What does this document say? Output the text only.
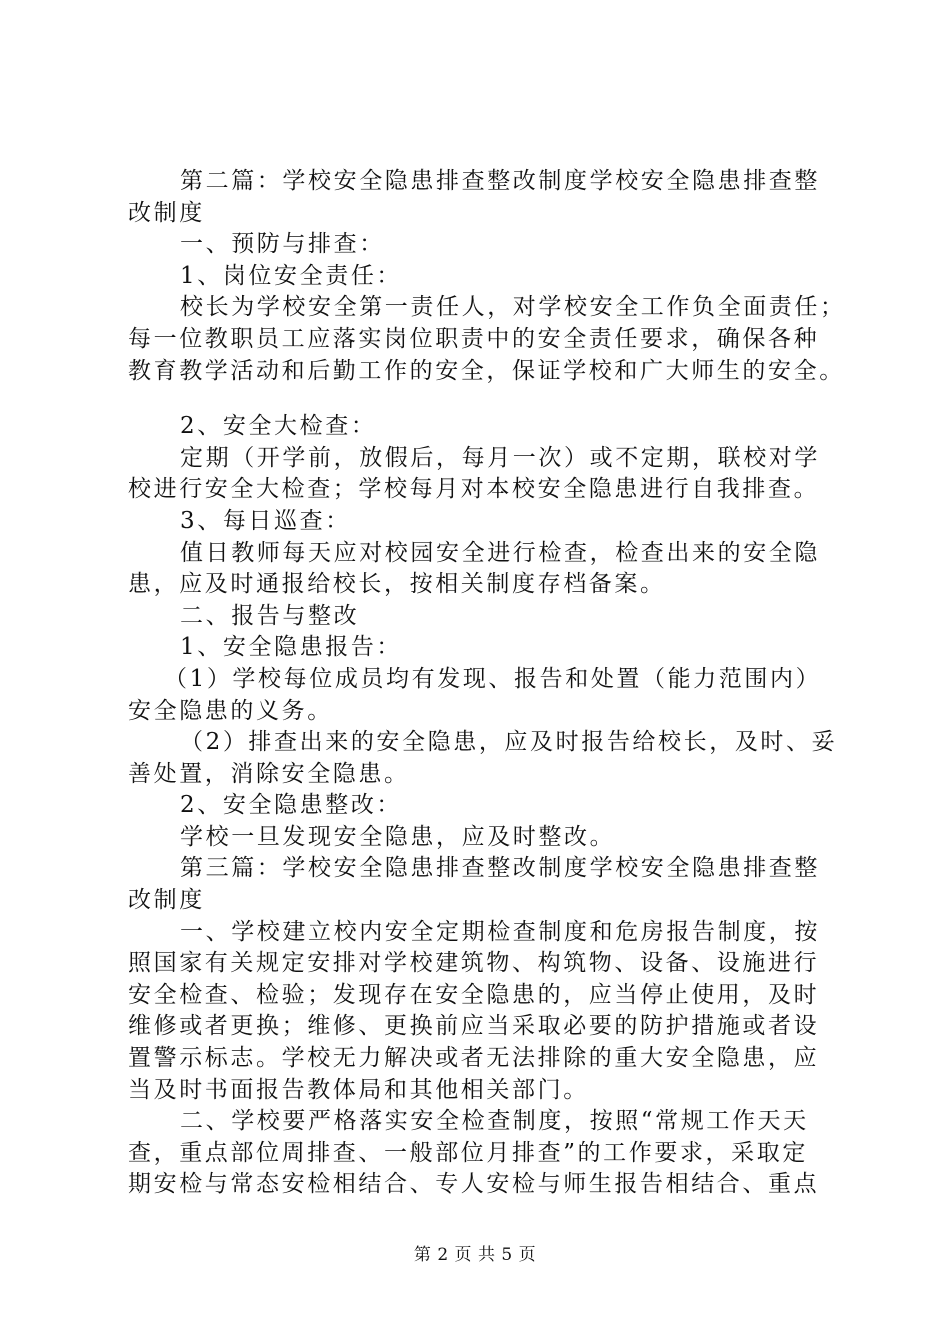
第二篇：学校安全隐患排查整改制度学校安全隐患排查整
改制度
一、预防与排查：
1、岗位安全责任：
校长为学校安全第一责任人，对学校安全工作负全面责任；
每一位教职员工应落实岗位职责中的安全责任要求，确保各种
教育教学活动和后勤工作的安全，保证学校和广大师生的安全。
2、安全大检查：
定期（开学前，放假后，每月一次）或不定期，联校对学
校进行安全大检查；学校每月对本校安全隐患进行自我排查。
3、每日巡查：
值日教师每天应对校园安全进行检查，检查出来的安全隐
患，应及时通报给校长，按相关制度存档备案。
二、报告与整改
1、安全隐患报告：
（1）学校每位成员均有发现、报告和处置（能力范围内）
安全隐患的义务。
（2）排查出来的安全隐患，应及时报告给校长，及时、妥
善处置，消除安全隐患。
2、安全隐患整改：
学校一旦发现安全隐患，应及时整改。
第三篇：学校安全隐患排查整改制度学校安全隐患排查整
改制度
一、学校建立校内安全定期检查制度和危房报告制度，按
照国家有关规定安排对学校建筑物、构筑物、设备、设施进行
安全检查、检验；发现存在安全隐患的，应当停止使用，及时
维修或者更换；维修、更换前应当采取必要的防护措施或者设
置警示标志。学校无力解决或者无法排除的重大安全隐患，应
当及时书面报告教体局和其他相关部门。
二、学校要严格落实安全检查制度，按照“常规工作天天
查，重点部位周排查、一般部位月排查”的工作要求，采取定
期安检与常态安检相结合、专人安检与师生报告相结合、重点
第 2 页 共 5 页
